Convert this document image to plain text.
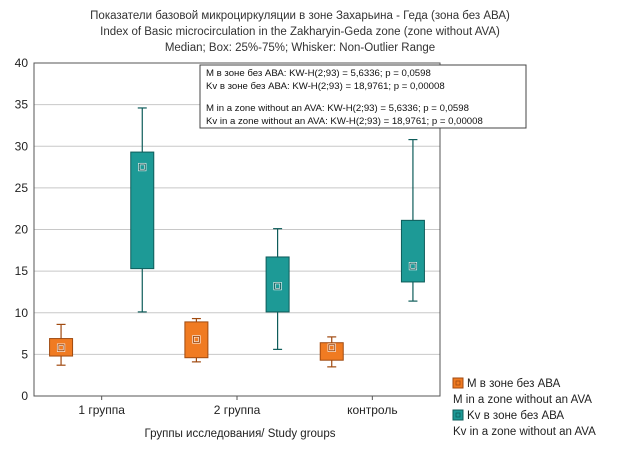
Показатели базовой микроциркуляции в зоне Захарьина - Геда (зона без АВА)
Index of Basic microcirculation in the Zakharyin-Geda zone (zone without AVA)
Median; Box: 25%-75%; Whisker: Non-Outlier Range
0
5
10
15
20
25
30
35
40
1 группа	2 группа	контроль
Группы исследования/ Study groups
M в зоне без АВА: KW-H(2;93) = 5,6336; p = 0,0598
Kv в зоне без АВА: KW-H(2;93) = 18,9761; p = 0,00008
M in a zone without an AVA: KW-H(2;93) = 5,6336; p = 0,0598
Kv in a zone without an AVA: KW-H(2;93) = 18,9761; p = 0,00008
M в зоне без АВА
M in a zone without an AVA
Kv в зоне без АВА
Kv in a zone without an AVA
